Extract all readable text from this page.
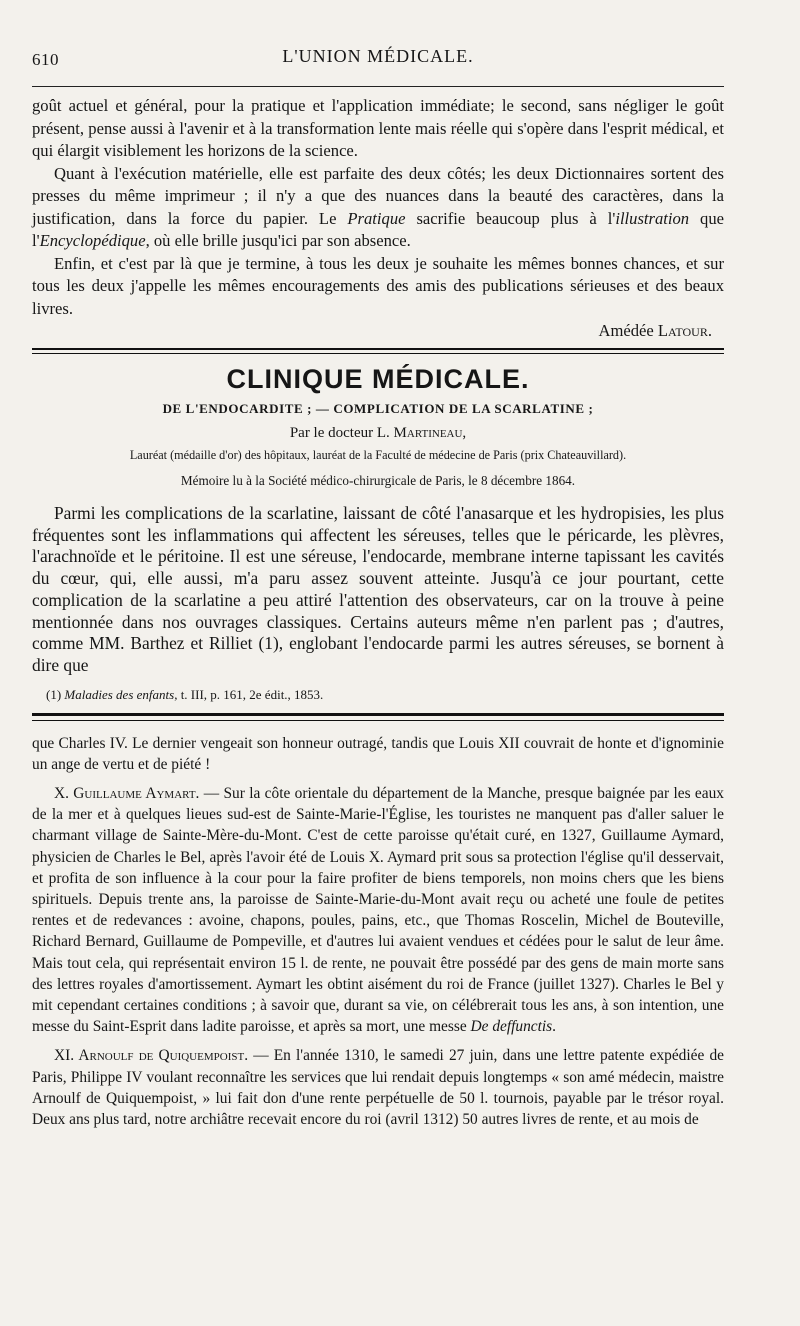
610	L'UNION MÉDICALE.

goût actuel et général, pour la pratique et l'application immédiate; le second, sans négliger le goût présent, pense aussi à l'avenir et à la transformation lente mais réelle qui s'opère dans l'esprit médical, et qui élargit visiblement les horizons de la science.

Quant à l'exécution matérielle, elle est parfaite des deux côtés; les deux Dictionnaires sortent des presses du même imprimeur ; il n'y a que des nuances dans la beauté des caractères, dans la justification, dans la force du papier. Le Pratique sacrifie beaucoup plus à l'illustration que l'Encyclopédique, où elle brille jusqu'ici par son absence.

Enfin, et c'est par là que je termine, à tous les deux je souhaite les mêmes bonnes chances, et sur tous les deux j'appelle les mêmes encouragements des amis des publications sérieuses et des beaux livres.

Amédée Latour.
CLINIQUE MÉDICALE.
DE L'ENDOCARDITE ; — COMPLICATION DE LA SCARLATINE ;
Par le docteur L. Martineau,
Lauréat (médaille d'or) des hôpitaux, lauréat de la Faculté de médecine de Paris (prix Chateauvillard).
Mémoire lu à la Société médico-chirurgicale de Paris, le 8 décembre 1864.

Parmi les complications de la scarlatine, laissant de côté l'anasarque et les hydropisies, les plus fréquentes sont les inflammations qui affectent les séreuses, telles que le péricarde, les plèvres, l'arachnoïde et le péritoine. Il est une séreuse, l'endocarde, membrane interne tapissant les cavités du cœur, qui, elle aussi, m'a paru assez souvent atteinte. Jusqu'à ce jour pourtant, cette complication de la scarlatine a peu attiré l'attention des observateurs, car on la trouve à peine mentionnée dans nos ouvrages classiques. Certains auteurs même n'en parlent pas ; d'autres, comme MM. Barthez et Rilliet (1), englobant l'endocarde parmi les autres séreuses, se bornent à dire que

(1) Maladies des enfants, t. III, p. 161, 2e édit., 1853.

que Charles IV. Le dernier vengeait son honneur outragé, tandis que Louis XII couvrait de honte et d'ignominie un ange de vertu et de piété !

X. Guillaume Aymart. — Sur la côte orientale du département de la Manche, presque baignée par les eaux de la mer et à quelques lieues sud-est de Sainte-Marie-l'Église, les touristes ne manquent pas d'aller saluer le charmant village de Sainte-Mère-du-Mont. C'est de cette paroisse qu'était curé, en 1327, Guillaume Aymard, physicien de Charles le Bel, après l'avoir été de Louis X. Aymard prit sous sa protection l'église qu'il desservait, et profita de son influence à la cour pour la faire profiter de biens temporels, non moins chers que les biens spirituels. Depuis trente ans, la paroisse de Sainte-Marie-du-Mont avait reçu ou acheté une foule de petites rentes et de redevances : avoine, chapons, poules, pains, etc., que Thomas Roscelin, Michel de Bouteville, Richard Bernard, Guillaume de Pompeville, et d'autres lui avaient vendues et cédées pour le salut de leur âme. Mais tout cela, qui représentait environ 15 l. de rente, ne pouvait être possédé par des gens de main morte sans des lettres royales d'amortissement. Aymart les obtint aisément du roi de France (juillet 1327). Charles le Bel y mit cependant certaines conditions ; à savoir que, durant sa vie, on célébrerait tous les ans, à son intention, une messe du Saint-Esprit dans ladite paroisse, et après sa mort, une messe De deffunctis.

XI. Arnoulf de Quiquempoist. — En l'année 1310, le samedi 27 juin, dans une lettre patente expédiée de Paris, Philippe IV voulant reconnaître les services que lui rendait depuis longtemps « son amé médecin, maistre Arnoulf de Quiquempoist, » lui fait don d'une rente perpétuelle de 50 l. tournois, payable par le trésor royal. Deux ans plus tard, notre archiâtre recevait encore du roi (avril 1312) 50 autres livres de rente, et au mois de
